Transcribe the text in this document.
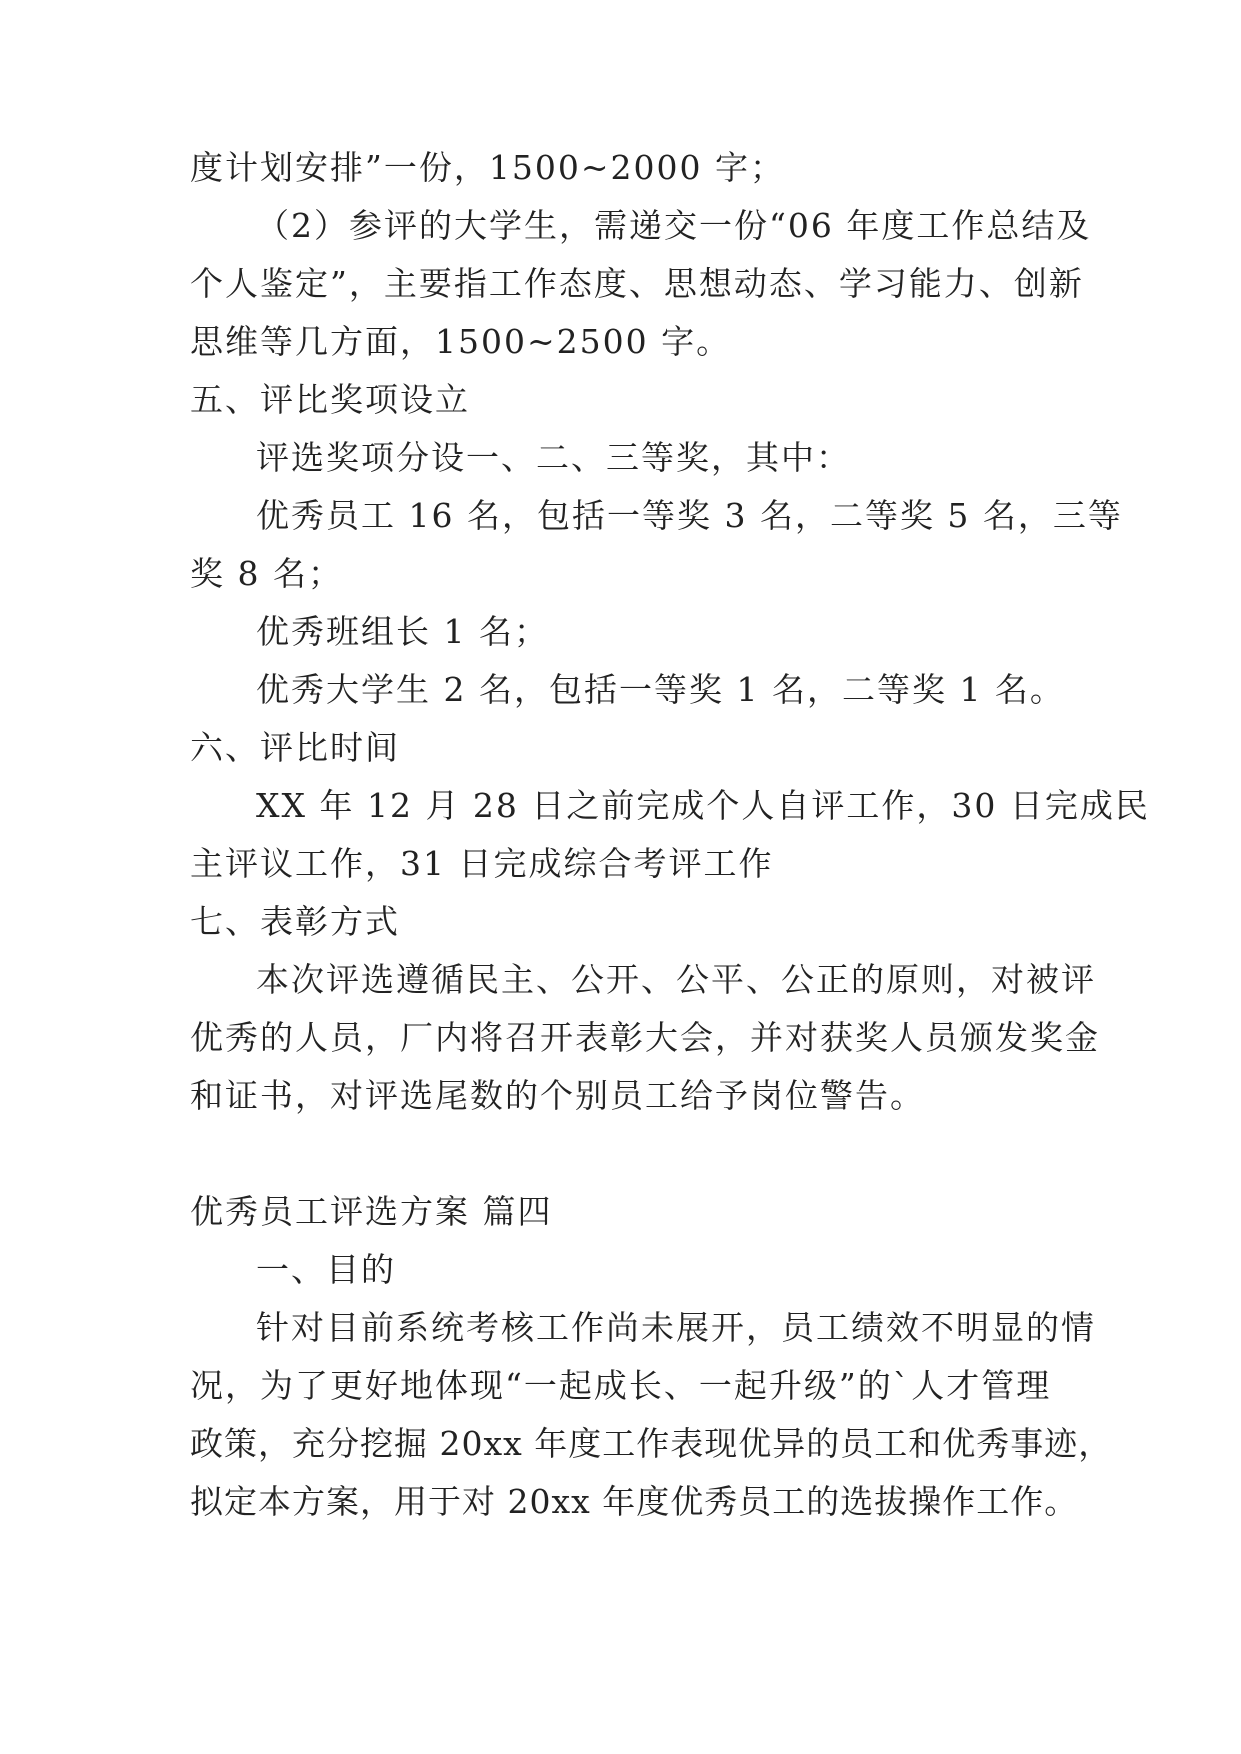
度计划安排”一份，1500~2000 字；
（2）参评的大学生，需递交一份“06 年度工作总结及
个人鉴定”，主要指工作态度、思想动态、学习能力、创新
思维等几方面，1500~2500 字。
五、评比奖项设立
评选奖项分设一、二、三等奖，其中：
优秀员工 16 名，包括一等奖 3 名，二等奖 5 名，三等
奖 8 名；
优秀班组长 1 名；
优秀大学生 2 名，包括一等奖 1 名，二等奖 1 名。
六、评比时间
XX 年 12 月 28 日之前完成个人自评工作，30 日完成民
主评议工作，31 日完成综合考评工作
七、表彰方式
本次评选遵循民主、公开、公平、公正的原则，对被评
优秀的人员，厂内将召开表彰大会，并对获奖人员颁发奖金
和证书，对评选尾数的个别员工给予岗位警告。
优秀员工评选方案 篇四
一、目的
针对目前系统考核工作尚未展开，员工绩效不明显的情
况，为了更好地体现“一起成长、一起升级”的`人才管理
政策，充分挖掘 20xx 年度工作表现优异的员工和优秀事迹，
拟定本方案，用于对 20xx 年度优秀员工的选拔操作工作。
